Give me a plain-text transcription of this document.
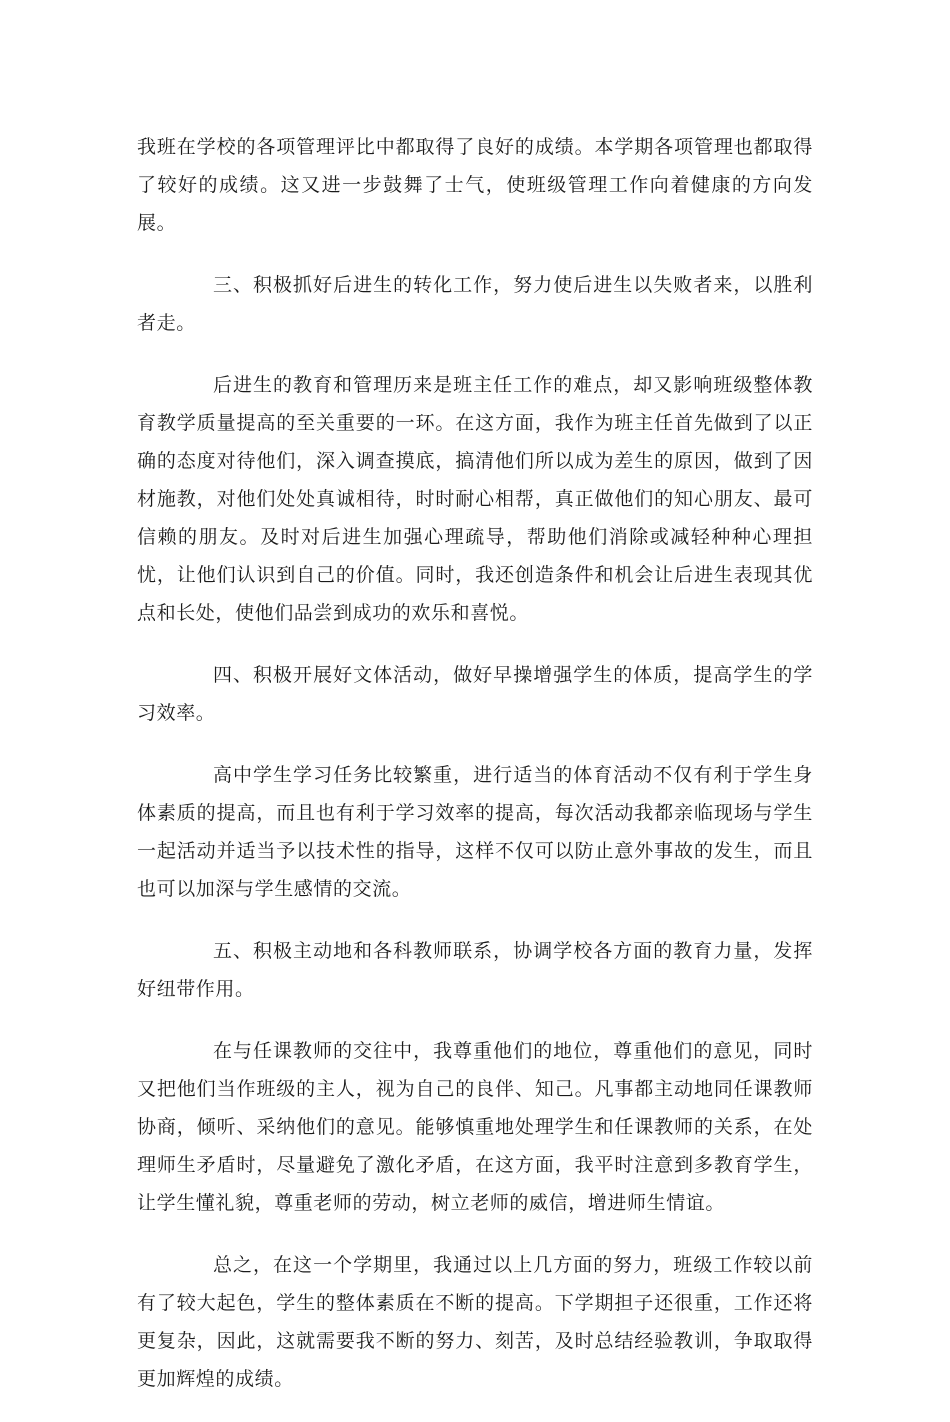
我班在学校的各项管理评比中都取得了良好的成绩。本学期各项管理也都取得了较好的成绩。这又进一步鼓舞了士气，使班级管理工作向着健康的方向发展。

三、积极抓好后进生的转化工作，努力使后进生以失败者来，以胜利者走。

后进生的教育和管理历来是班主任工作的难点，却又影响班级整体教育教学质量提高的至关重要的一环。在这方面，我作为班主任首先做到了以正确的态度对待他们，深入调查摸底，搞清他们所以成为差生的原因，做到了因材施教，对他们处处真诚相待，时时耐心相帮，真正做他们的知心朋友、最可信赖的朋友。及时对后进生加强心理疏导，帮助他们消除或减轻种种心理担忧，让他们认识到自己的价值。同时，我还创造条件和机会让后进生表现其优点和长处，使他们品尝到成功的欢乐和喜悦。

四、积极开展好文体活动，做好早操增强学生的体质，提高学生的学习效率。

高中学生学习任务比较繁重，进行适当的体育活动不仅有利于学生身体素质的提高，而且也有利于学习效率的提高，每次活动我都亲临现场与学生一起活动并适当予以技术性的指导，这样不仅可以防止意外事故的发生，而且也可以加深与学生感情的交流。

五、积极主动地和各科教师联系，协调学校各方面的教育力量，发挥好纽带作用。

在与任课教师的交往中，我尊重他们的地位，尊重他们的意见，同时又把他们当作班级的主人，视为自己的良伴、知己。凡事都主动地同任课教师协商，倾听、采纳他们的意见。能够慎重地处理学生和任课教师的关系，在处理师生矛盾时，尽量避免了激化矛盾，在这方面，我平时注意到多教育学生，让学生懂礼貌，尊重老师的劳动，树立老师的威信，增进师生情谊。

总之，在这一个学期里，我通过以上几方面的努力，班级工作较以前有了较大起色，学生的整体素质在不断的提高。下学期担子还很重，工作还将更复杂，因此，这就需要我不断的努力、刻苦，及时总结经验教训，争取取得更加辉煌的成绩。
